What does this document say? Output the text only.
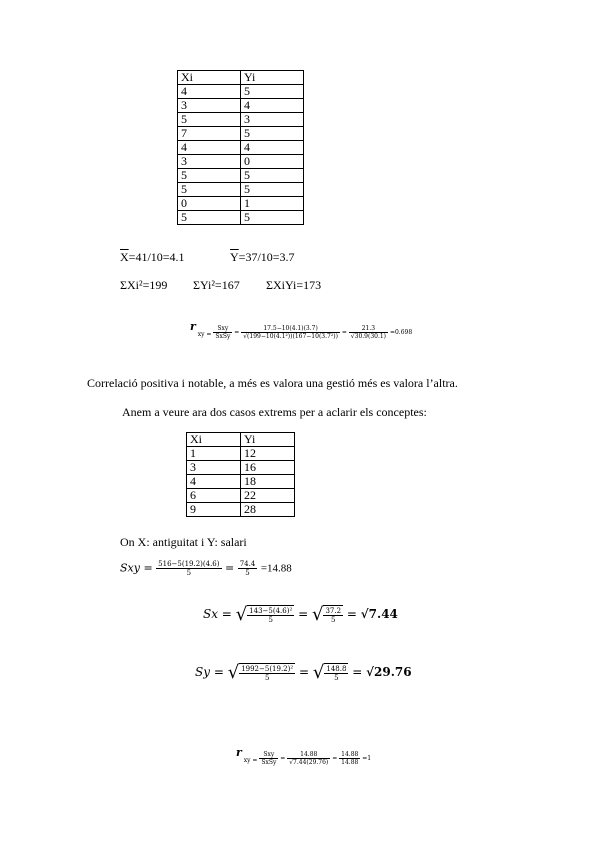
Xi	Yi
4	5
3	4
5	3
7	5
4	4
3	0
5	5
5	5
0	1
5	5
$\overline{X}=41/10=4.1$	$\overline{Y}=37/10=3.7$
ΣXi²=199 ΣYi²=167 ΣXiYi=173
r xy = $\frac{\text{Sxy}}{\text{SxSy}} = \frac{17.5-10(4.1)(3.7)}{\text{√(199−10(4.1²))(167−10(3.7²))}} = \frac{21.3}{√30.9(30.1)} =0.698$
Correlació positiva i notable, a més es valora una gestió més es valora l’altra.
Anem a veure ara dos casos extrems per a aclarir els conceptes:
Xi	Yi
1	12
3	16
4	18
6	22
9	28
On X: antiguitat i Y: salari
Sxy = $\frac{516-5(19.2)(4.6)}{5} = \frac{74.4}{5} =14.88$
Sx = √ $\frac{\text{143−5(4.6)²}}{5}$ = √ $\frac{37.2}{5} = √7.44$
Sy = √ $\frac{\text{1992−5(19.2)²}}{5}$ = √ $\frac{148.8}{5} = √29.76$
r xy = $\frac{\text{Sxy}}{\text{SxSy}} = \frac{14.88}{√7.44(29.76)} = \frac{14.88}{14.88} =1$
